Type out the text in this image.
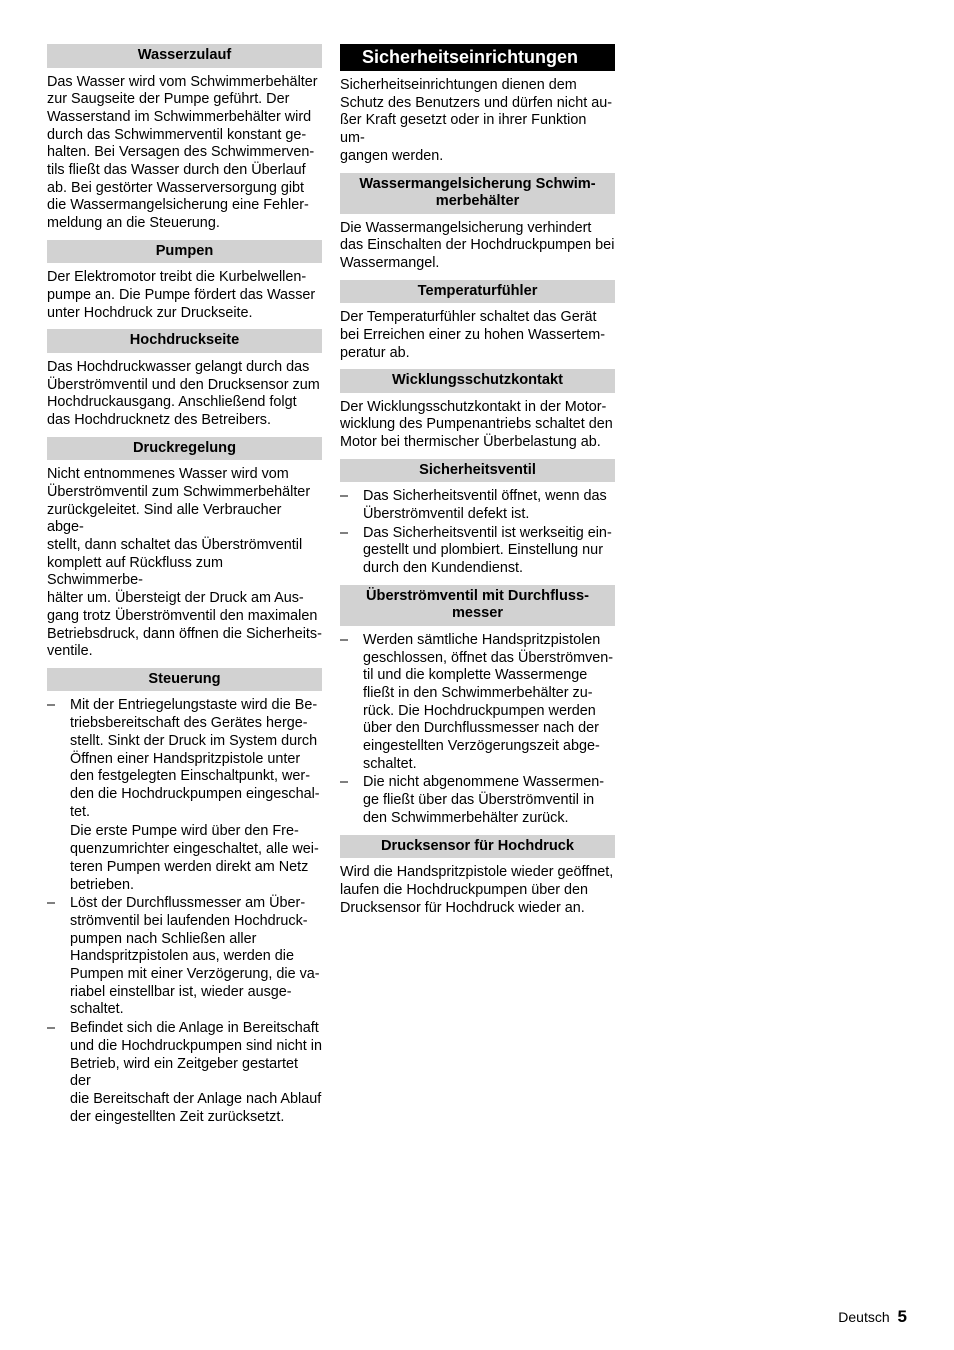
Wasserzulauf

Das Wasser wird vom Schwimmerbehälter
zur Saugseite der Pumpe geführt. Der
Wasserstand im Schwimmerbehälter wird
durch das Schwimmerventil konstant ge-
halten. Bei Versagen des Schwimmerven-
tils fließt das Wasser durch den Überlauf
ab. Bei gestörter Wasserversorgung gibt
die Wassermangelsicherung eine Fehler-
meldung an die Steuerung.

Pumpen

Der Elektromotor treibt die Kurbelwellen-
pumpe an. Die Pumpe fördert das Wasser
unter Hochdruck zur Druckseite.

Hochdruckseite

Das Hochdruckwasser gelangt durch das
Überströmventil und den Drucksensor zum
Hochdruckausgang. Anschließend folgt
das Hochdrucknetz des Betreibers.

Druckregelung

Nicht entnommenes Wasser wird vom
Überströmventil zum Schwimmerbehälter
zurückgeleitet. Sind alle Verbraucher abge-
stellt, dann schaltet das Überströmventil
komplett auf Rückfluss zum Schwimmerbe-
hälter um. Übersteigt der Druck am Aus-
gang trotz Überströmventil den maximalen
Betriebsdruck, dann öffnen die Sicherheits-
ventile.

Steuerung
– Mit der Entriegelungstaste wird die Be-
triebsbereitschaft des Gerätes herge-
stellt. Sinkt der Druck im System durch
Öffnen einer Handspritzpistole unter
den festgelegten Einschaltpunkt, wer-
den die Hochdruckpumpen eingeschal-
tet.
Die erste Pumpe wird über den Fre-
quenzumrichter eingeschaltet, alle wei-
teren Pumpen werden direkt am Netz
betrieben.
– Löst der Durchflussmesser am Über-
strömventil bei laufenden Hochdruck-
pumpen nach Schließen aller
Handspritzpistolen aus, werden die
Pumpen mit einer Verzögerung, die va-
riabel einstellbar ist, wieder ausge-
schaltet.
– Befindet sich die Anlage in Bereitschaft
und die Hochdruckpumpen sind nicht in
Betrieb, wird ein Zeitgeber gestartet der
die Bereitschaft der Anlage nach Ablauf
der eingestellten Zeit zurücksetzt.
Sicherheitseinrichtungen

Sicherheitseinrichtungen dienen dem
Schutz des Benutzers und dürfen nicht au-
ßer Kraft gesetzt oder in ihrer Funktion um-
gangen werden.

Wassermangelsicherung Schwim-
merbehälter

Die Wassermangelsicherung verhindert
das Einschalten der Hochdruckpumpen bei
Wassermangel.

Temperaturfühler

Der Temperaturfühler schaltet das Gerät
bei Erreichen einer zu hohen Wassertem-
peratur ab.

Wicklungsschutzkontakt

Der Wicklungsschutzkontakt in der Motor-
wicklung des Pumpenantriebs schaltet den
Motor bei thermischer Überbelastung ab.

Sicherheitsventil
– Das Sicherheitsventil öffnet, wenn das
Überströmventil defekt ist.
– Das Sicherheitsventil ist werkseitig ein-
gestellt und plombiert. Einstellung nur
durch den Kundendienst.
Überströmventil mit Durchfluss-
messer
– Werden sämtliche Handspritzpistolen
geschlossen, öffnet das Überströmven-
til und die komplette Wassermenge
fließt in den Schwimmerbehälter zu-
rück. Die Hochdruckpumpen werden
über den Durchflussmesser nach der
eingestellten Verzögerungszeit abge-
schaltet.
– Die nicht abgenommene Wassermen-
ge fließt über das Überströmventil in
den Schwimmerbehälter zurück.
Drucksensor für Hochdruck

Wird die Handspritzpistole wieder geöffnet,
laufen die Hochdruckpumpen über den
Drucksensor für Hochdruck wieder an.

Deutsch 5
